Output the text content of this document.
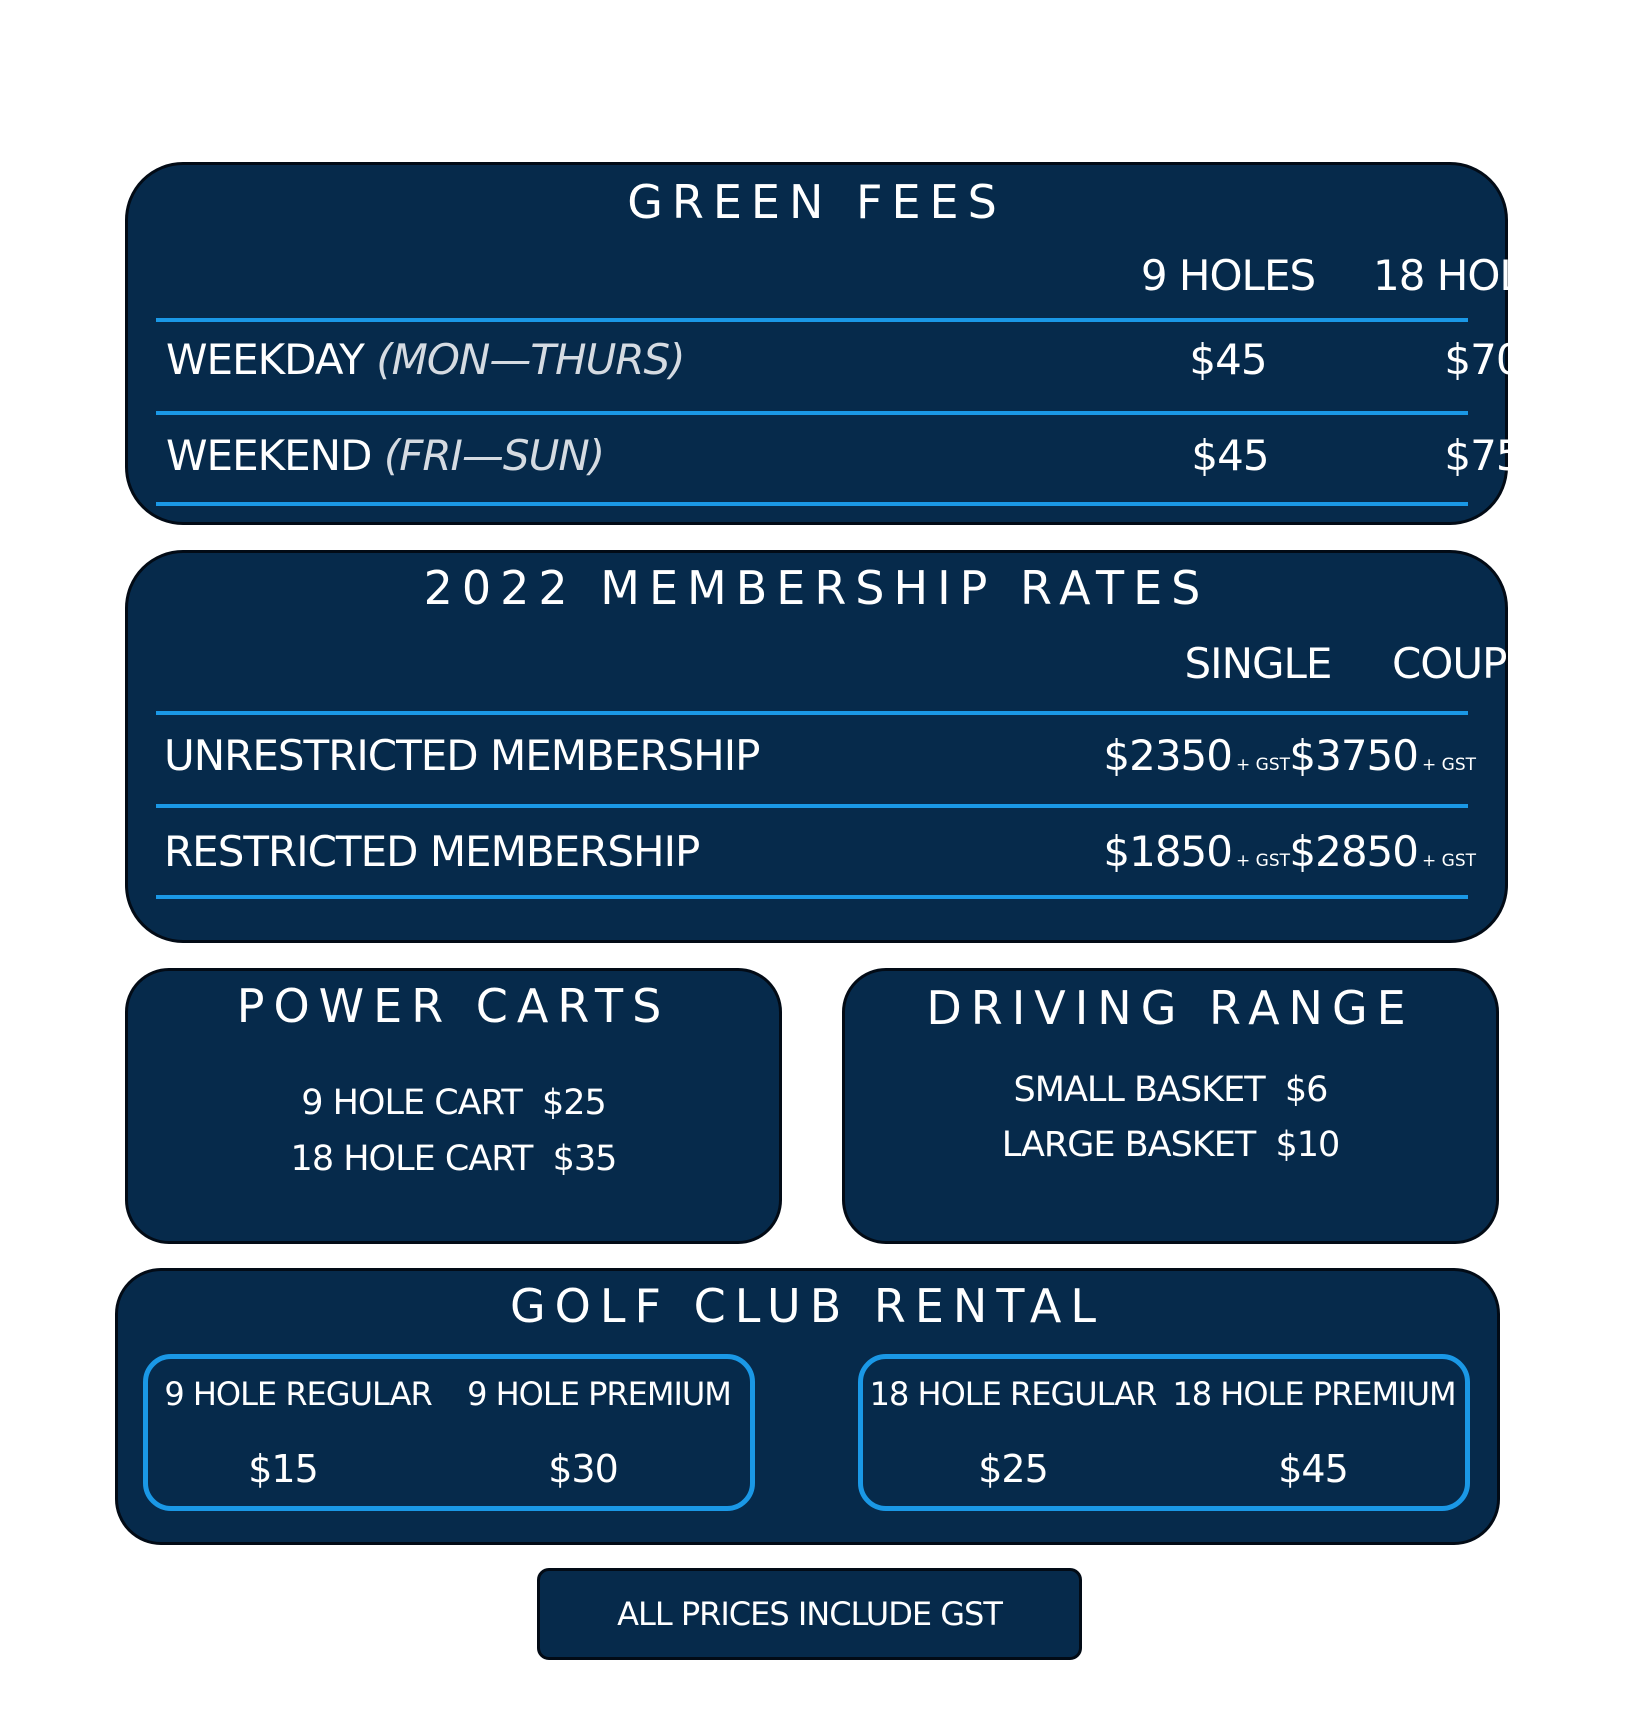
GREEN FEES
9 HOLES	18 HOLES
WEEKDAY (MON—THURS)	$45	$70
WEEKEND (FRI—SUN)	$45	$75
2022 MEMBERSHIP RATES
SINGLE	COUPLES
UNRESTRICTED MEMBERSHIP	$2350 + GST $3750 + GST
RESTRICTED MEMBERSHIP	$1850 + GST $2850 + GST
POWER CARTS
9 HOLE CART $25
18 HOLE CART $35
DRIVING RANGE
SMALL BASKET $6
LARGE BASKET $10
GOLF CLUB RENTAL
9 HOLE REGULAR	9 HOLE PREMIUM
$15	$30
18 HOLE REGULAR 18 HOLE PREMIUM
$25	$45
ALL PRICES INCLUDE GST
